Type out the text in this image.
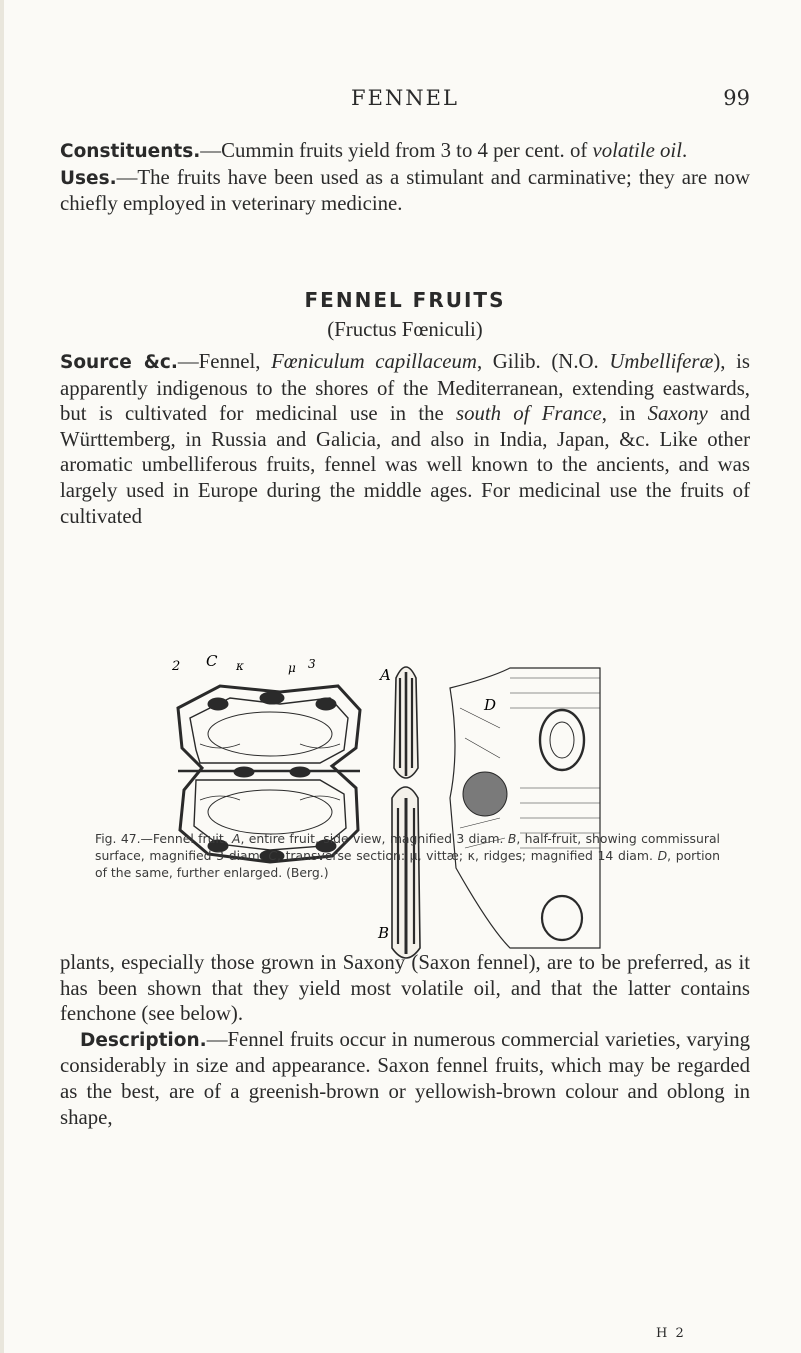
FENNEL	99

Constituents.—Cummin fruits yield from 3 to 4 per cent. of volatile oil.

Uses.—The fruits have been used as a stimulant and carminative; they are now chiefly employed in veterinary medicine.

FENNEL FRUITS
(Fructus Fœniculi)

Source &c.—Fennel, Fœniculum capillaceum, Gilib. (N.O. Umbelliferæ), is apparently indigenous to the shores of the Mediterranean, extending eastwards, but is cultivated for medicinal use in the south of France, in Saxony and Württemberg, in Russia and Galicia, and also in India, Japan, &c. Like other aromatic umbelliferous fruits, fennel was well known to the ancients, and was largely used in Europe during the middle ages. For medicinal use the fruits of cultivated

2 C κ	μ 3
A
B
D

Fig. 47.—Fennel fruit. A, entire fruit, side view, magnified 3 diam. B, half-fruit, showing commissural surface, magnified 3 diam. C, transverse section: μ, vittæ; κ, ridges; magnified 14 diam. D, portion of the same, further enlarged. (Berg.)

plants, especially those grown in Saxony (Saxon fennel), are to be preferred, as it has been shown that they yield most volatile oil, and that the latter contains fenchone (see below).

Description.—Fennel fruits occur in numerous commercial varieties, varying considerably in size and appearance. Saxon fennel fruits, which may be regarded as the best, are of a greenish-brown or yellowish-brown colour and oblong in shape,

H 2
